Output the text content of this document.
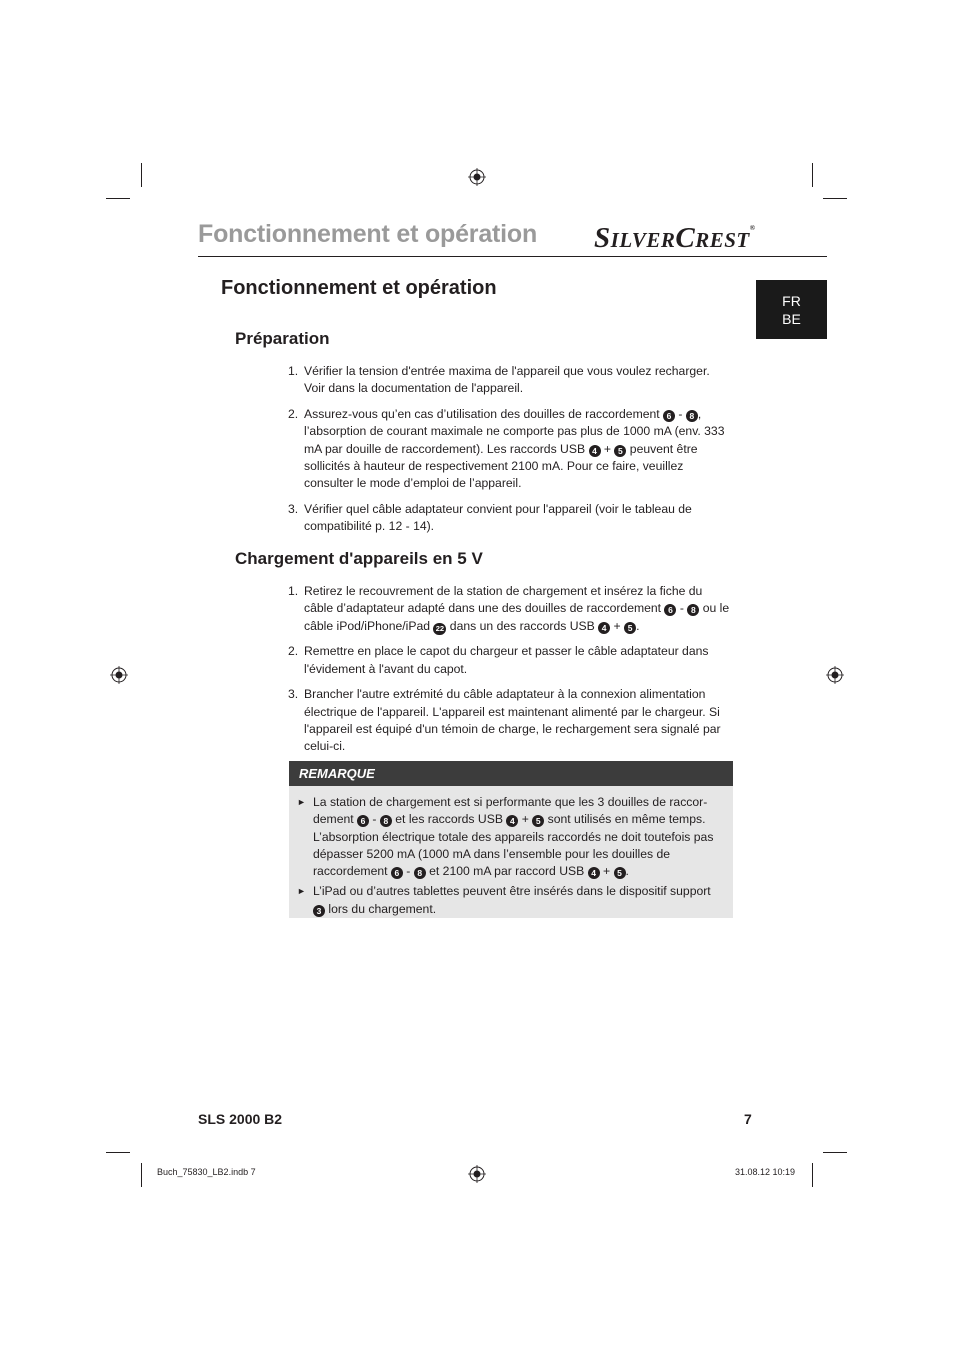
Fonctionnement et opération SILVERCREST®
FR
BE
Fonctionnement et opération
Préparation
1. Vérifier la tension d'entrée maxima de l'appareil que vous voulez recharger. Voir dans la documentation de l'appareil.
2. Assurez-vous qu’en cas d’utilisation des douilles de raccordement 6 - 8 , l’absorption de courant maximale ne comporte pas plus de 1000 mA (env. 333 mA par douille de raccordement). Les raccords USB 4 + 5 peuvent être sollicités à hauteur de respectivement 2100 mA. Pour ce faire, veuillez consulter le mode d’emploi de l’appareil.
3. Vérifier quel câble adaptateur convient pour l'appareil (voir le tableau de compatibilité p. 12 - 14).
Chargement d'appareils en 5 V
1. Retirez le recouvrement de la station de chargement et insérez la fiche du câble d’adaptateur adapté dans une des douilles de raccordement 6 - 8 ou le câble iPod/iPhone/iPad 22 dans un des raccords USB 4 + 5 .
2. Remettre en place le capot du chargeur et passer le câble adaptateur dans l'évidement à l'avant du capot.
3. Brancher l'autre extrémité du câble adaptateur à la connexion alimentation électrique de l'appareil. L'appareil est maintenant alimenté par le chargeur. Si l'appareil est équipé d'un témoin de charge, le rechargement sera signalé par celui-ci.
REMARQUE
► La station de chargement est si performante que les 3 douilles de raccordement 6 - 8 et les raccords USB 4 + 5 sont utilisés en même temps. L’absorption électrique totale des appareils raccordés ne doit toutefois pas dépasser 5200 mA (1000 mA dans l’ensemble pour les douilles de raccordement 6 - 8 et 2100 mA par raccord USB 4 + 5 .
► L’iPad ou d’autres tablettes peuvent être insérés dans le dispositif support 3 lors du chargement.
SLS 2000 B2	7
Buch_75830_LB2.indb 7	31.08.12 10:19
